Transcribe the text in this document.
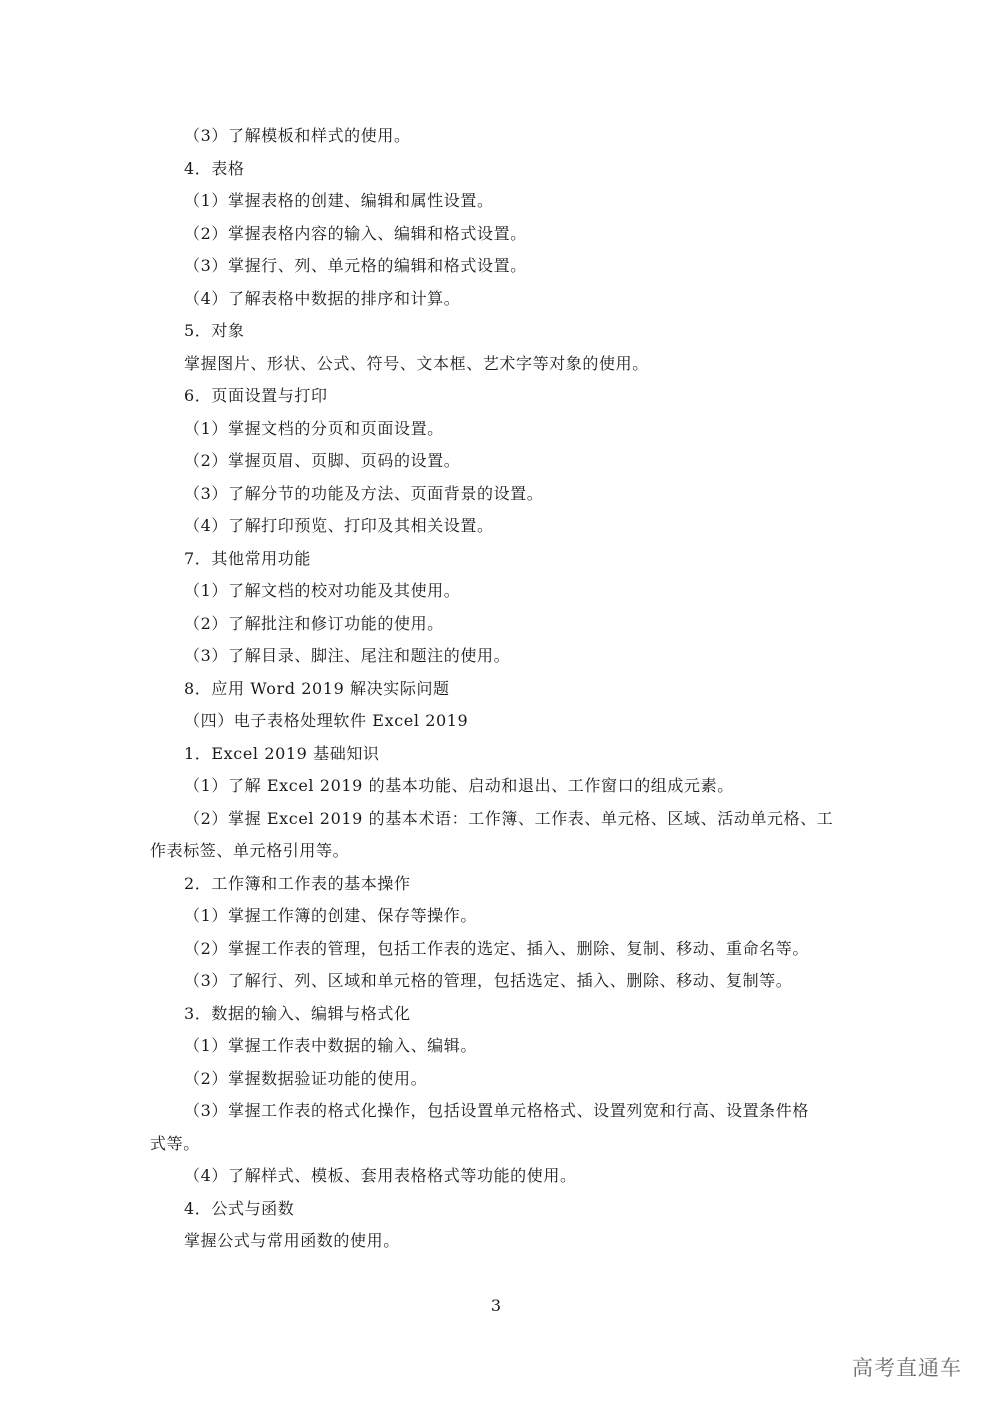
（3）了解模板和样式的使用。
4．表格
（1）掌握表格的创建、编辑和属性设置。
（2）掌握表格内容的输入、编辑和格式设置。
（3）掌握行、列、单元格的编辑和格式设置。
（4）了解表格中数据的排序和计算。
5．对象
掌握图片、形状、公式、符号、文本框、艺术字等对象的使用。
6．页面设置与打印
（1）掌握文档的分页和页面设置。
（2）掌握页眉、页脚、页码的设置。
（3）了解分节的功能及方法、页面背景的设置。
（4）了解打印预览、打印及其相关设置。
7．其他常用功能
（1）了解文档的校对功能及其使用。
（2）了解批注和修订功能的使用。
（3）了解目录、脚注、尾注和题注的使用。
8．应用 Word 2019 解决实际问题
（四）电子表格处理软件 Excel 2019
1．Excel 2019 基础知识
（1）了解 Excel 2019 的基本功能、启动和退出、工作窗口的组成元素。
（2）掌握 Excel 2019 的基本术语：工作簿、工作表、单元格、区域、活动单元格、工
作表标签、单元格引用等。
2．工作簿和工作表的基本操作
（1）掌握工作簿的创建、保存等操作。
（2）掌握工作表的管理，包括工作表的选定、插入、删除、复制、移动、重命名等。
（3）了解行、列、区域和单元格的管理，包括选定、插入、删除、移动、复制等。
3．数据的输入、编辑与格式化
（1）掌握工作表中数据的输入、编辑。
（2）掌握数据验证功能的使用。
（3）掌握工作表的格式化操作，包括设置单元格格式、设置列宽和行高、设置条件格
式等。
（4）了解样式、模板、套用表格格式等功能的使用。
4．公式与函数
掌握公式与常用函数的使用。
3
高考直通车
